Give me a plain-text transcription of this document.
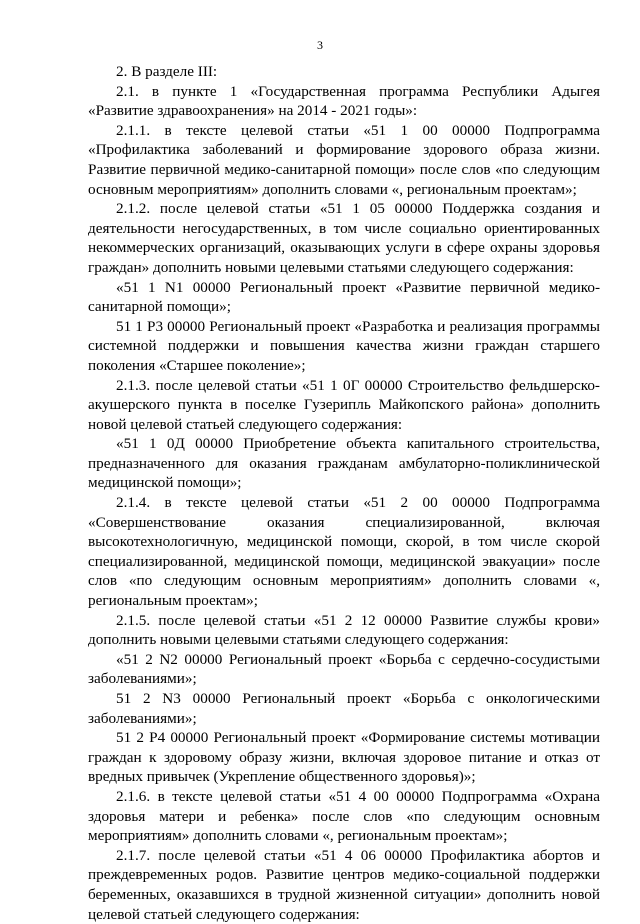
3

2. В разделе III:

2.1. в пункте 1 «Государственная программа Республики Адыгея «Развитие здравоохранения» на 2014 - 2021 годы»:

2.1.1. в тексте целевой статьи «51 1 00 00000 Подпрограмма «Профилактика заболеваний и формирование здорового образа жизни. Развитие первичной медико-санитарной помощи» после слов «по следующим основным мероприятиям» дополнить словами «, региональным проектам»;

2.1.2. после целевой статьи «51 1 05 00000 Поддержка создания и деятельности негосударственных, в том числе социально ориентированных некоммерческих организаций, оказывающих услуги в сфере охраны здоровья граждан» дополнить новыми целевыми статьями следующего содержания:

«51 1 N1 00000 Региональный проект «Развитие первичной медико-санитарной помощи»;

51 1 P3 00000 Региональный проект «Разработка и реализация программы системной поддержки и повышения качества жизни граждан старшего поколения «Старшее поколение»;

2.1.3. после целевой статьи «51 1 0Г 00000 Строительство фельдшерско-акушерского пункта в поселке Гузерипль Майкопского района» дополнить новой целевой статьей следующего содержания:

«51 1 0Д 00000 Приобретение объекта капитального строительства, предназначенного для оказания гражданам амбулаторно-поликлинической медицинской помощи»;

2.1.4. в тексте целевой статьи «51 2 00 00000 Подпрограмма «Совершенствование оказания специализированной, включая высокотехнологичную, медицинской помощи, скорой, в том числе скорой специализированной, медицинской помощи, медицинской эвакуации» после слов «по следующим основным мероприятиям» дополнить словами «, региональным проектам»;

2.1.5. после целевой статьи «51 2 12 00000 Развитие службы крови» дополнить новыми целевыми статьями следующего содержания:

«51 2 N2 00000 Региональный проект «Борьба с сердечно-сосудистыми заболеваниями»;

51 2 N3 00000 Региональный проект «Борьба с онкологическими заболеваниями»;

51 2 P4 00000 Региональный проект «Формирование системы мотивации граждан к здоровому образу жизни, включая здоровое питание и отказ от вредных привычек (Укрепление общественного здоровья)»;

2.1.6. в тексте целевой статьи «51 4 00 00000 Подпрограмма «Охрана здоровья матери и ребенка» после слов «по следующим основным мероприятиям» дополнить словами «, региональным проектам»;

2.1.7. после целевой статьи «51 4 06 00000 Профилактика абортов и преждевременных родов. Развитие центров медико-социальной поддержки беременных, оказавшихся в трудной жизненной ситуации» дополнить новой целевой статьей следующего содержания:
